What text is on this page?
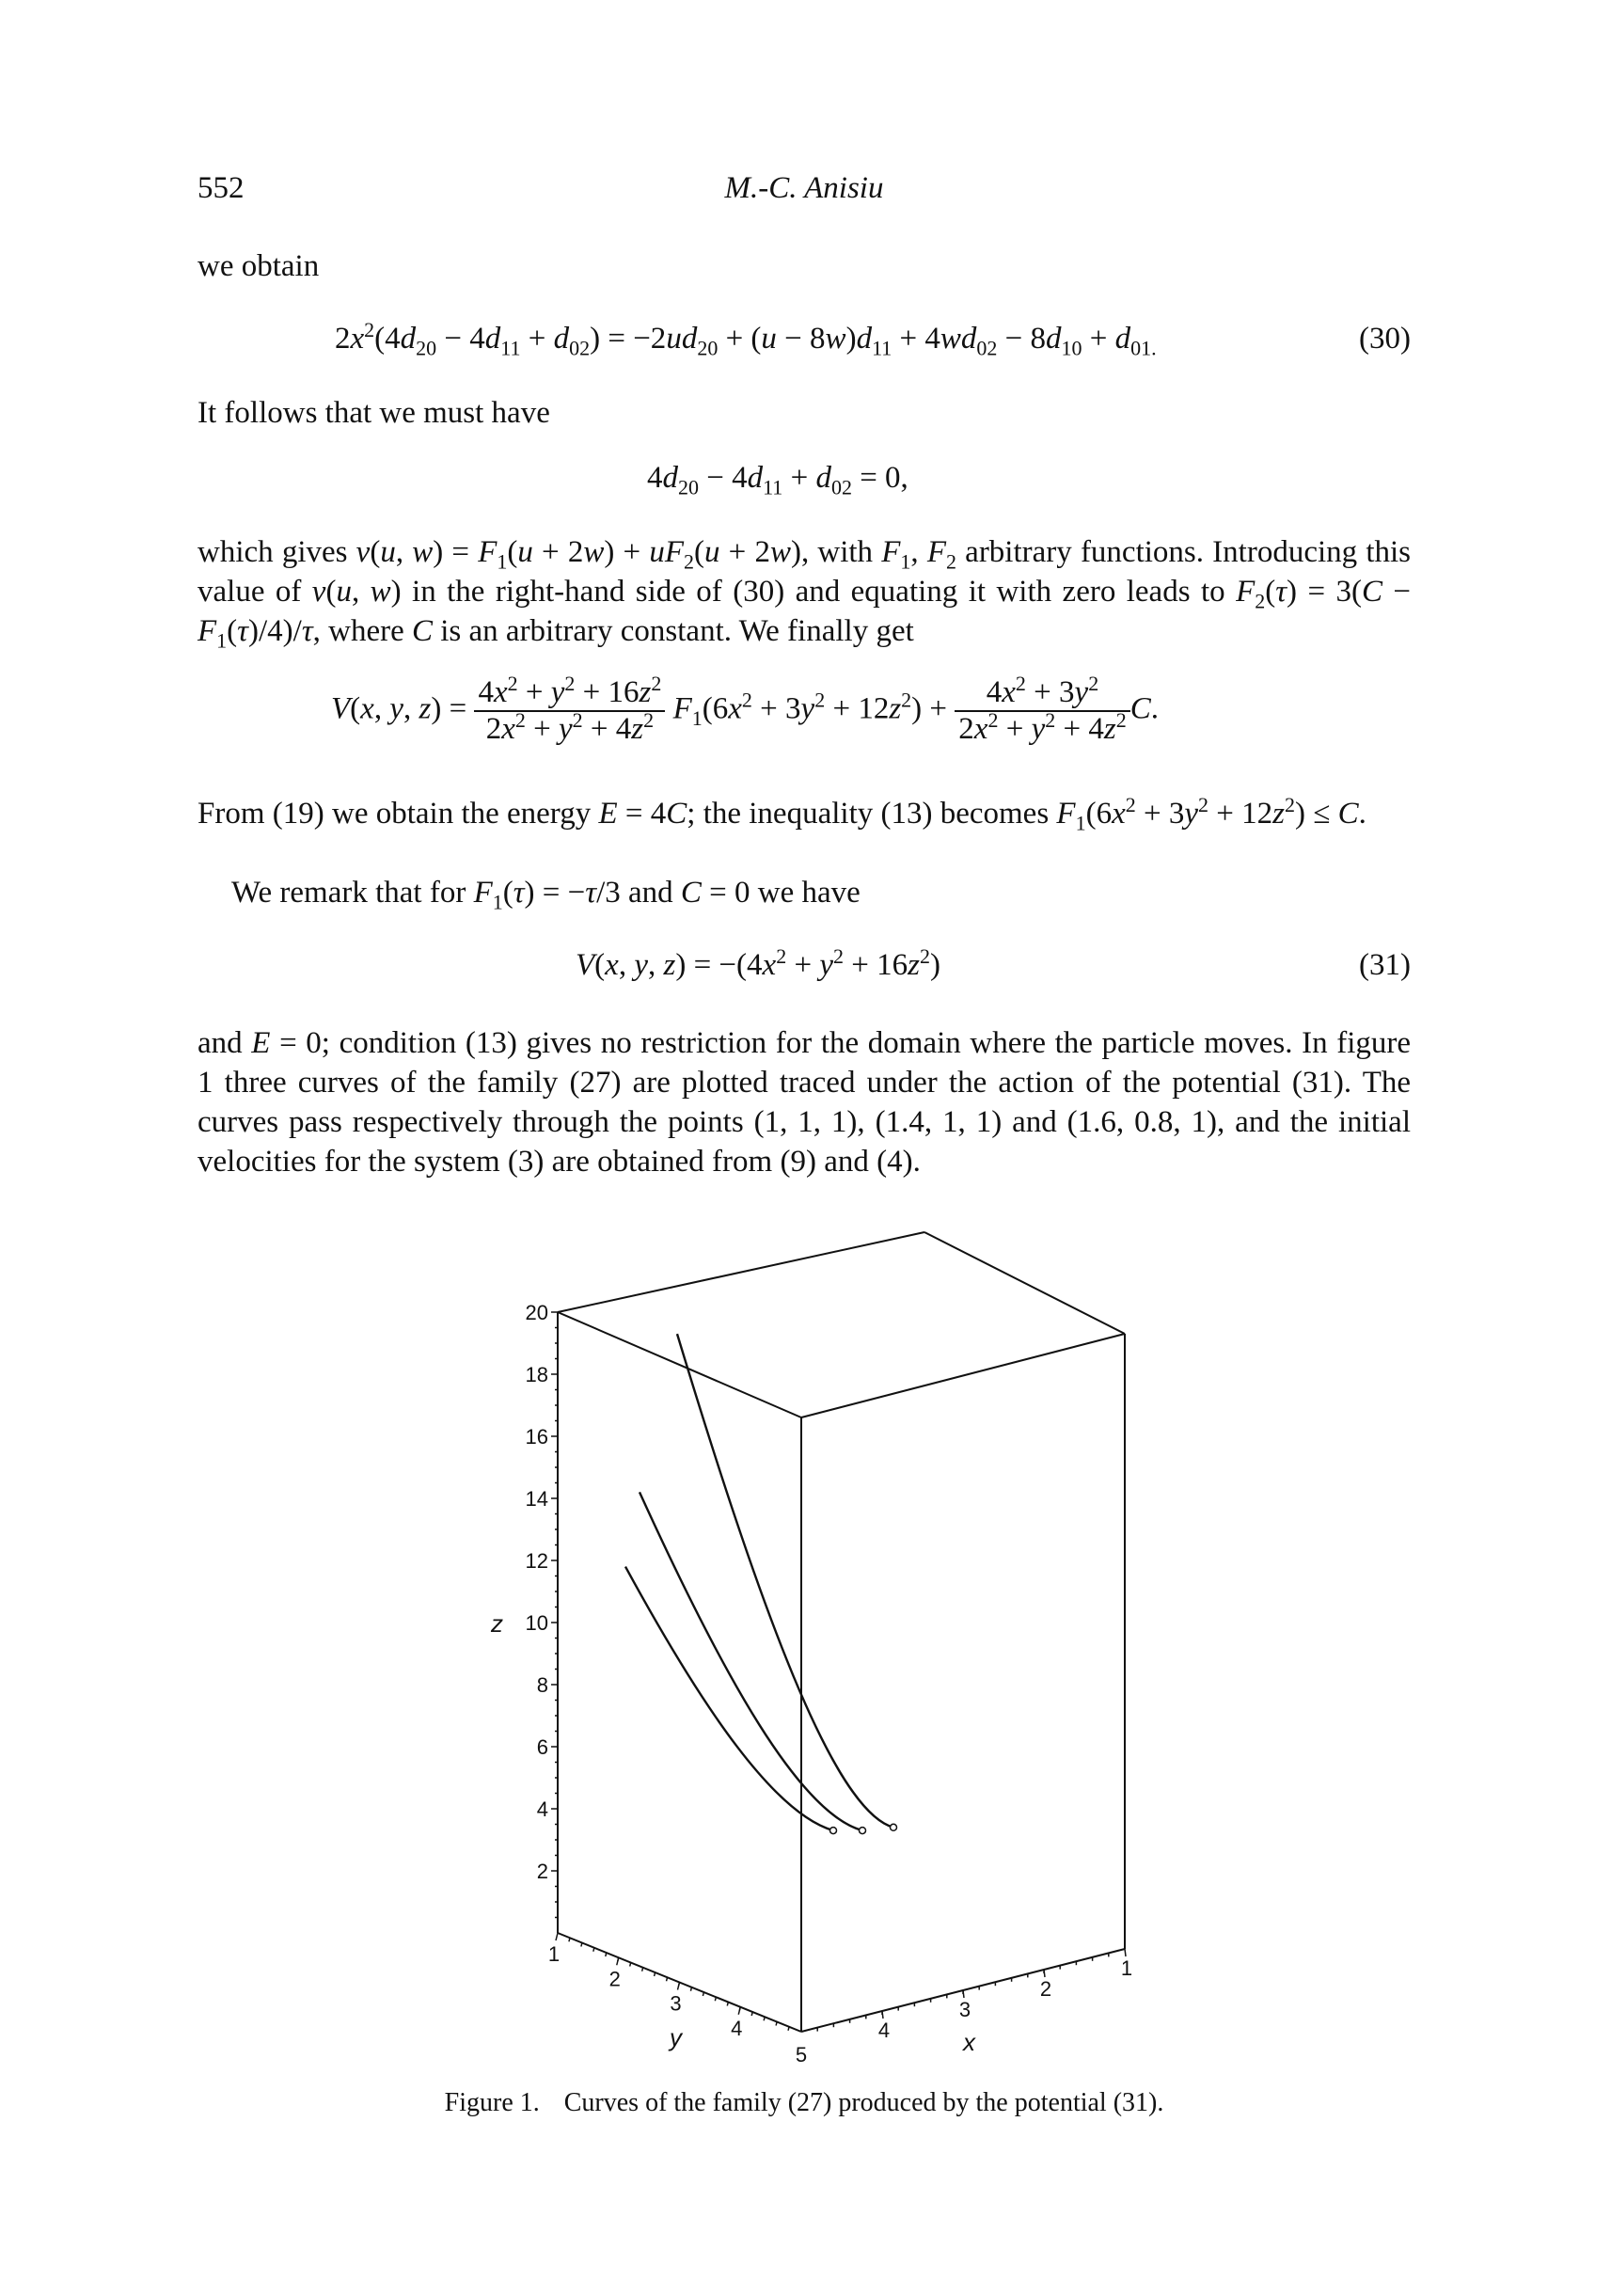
552	M.-C. Anisiu
we obtain
$2x^2(4d_{20} - 4d_{11} + d_{02}) = -2ud_{20} + (u - 8w)d_{11} + 4wd_{02} - 8d_{10} + d_{01.}$	(30)
It follows that we must have
$4d_{20} - 4d_{11} + d_{02} = 0$,
which gives v(u, $w) = F_1(u + 2w) + uF_2(u + 2w)$, with $F_1$, $F_2$ arbitrary functions. Introducing this value of v(u, w) in the right-hand side of (30) and equating it with zero leads to $F_2(\tau) = 3(C - F_1(\tau)/4)/\tau$, where C is an arbitrary constant. We finally get
V(x, y, $z) = \frac{4x^2 + y^2 + 16z^2}{2x^2 + y^2 + 4z^2} F_1(6x^2 + 3y^2 + 12z^2) + \frac{4x^2 + 3y^2}{2x^2 + y^2 + 4z^2} C$.
From (19) we obtain the energy E = 4C; the inequality (13) becomes $F_1(6x^2 + 3y^2 + 12z^2) \le C$.
We remark that for $F_1(\tau) = -\tau/3$ and C = 0 we have
V(x, y, $z) = -(4x^2 + y^2 + 16z^2)$	(31)
and E = 0; condition (13) gives no restriction for the domain where the particle moves. In figure 1 three curves of the family (27) are plotted traced under the action of the potential (31). The curves pass respectively through the points (1, 1, 1), (1.4, 1, 1) and (1.6, 0.8, 1), and the initial velocities for the system (3) are obtained from (9) and (4).
2
4
6
8
10
12
14
16
18
20
z
1
2
3
4
y
1
2
3
4
5	x
Figure 1. Curves of the family (27) produced by the potential (31).
